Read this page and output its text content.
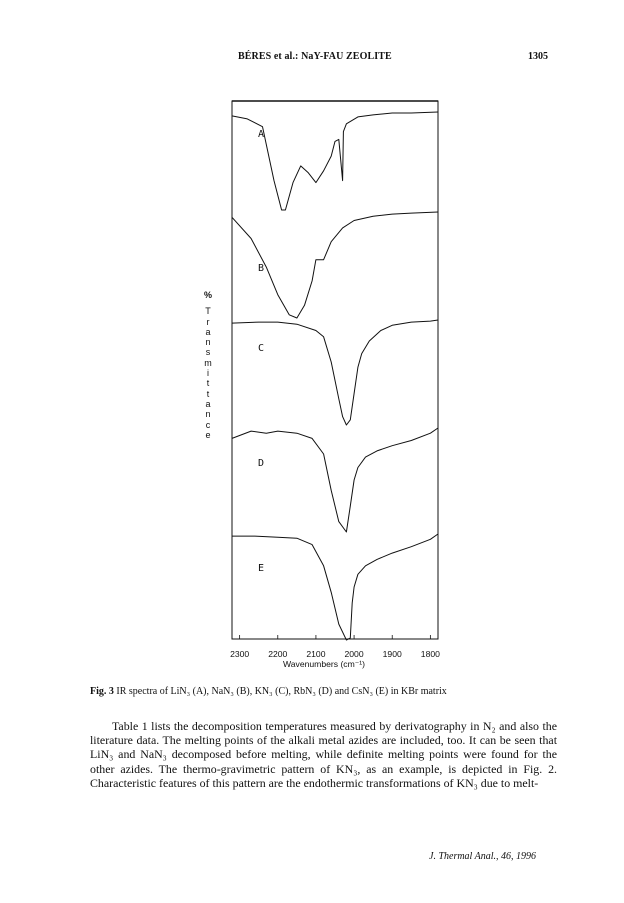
BÉRES et al.: NaY-FAU ZEOLITE	1305
2300 2200 2100 2000 1900 1800
A
B
C
D
E
Wavenumbers (cm⁻¹)
%
T
r
a
n
s
m
i
t
t
a
n
c
e
Fig. 3 IR spectra of LiN₃ (A), NaN₃ (B), KN₃ (C), RbN₃ (D) and CsN₃ (E) in KBr matrix

Table 1 lists the decomposition temperatures measured by derivatography in N₂ and also the literature data. The melting points of the alkali metal azides are included, too. It can be seen that LiN₃ and NaN₃ decomposed before melting, while definite melting points were found for the other azides. The thermo-gravimetric pattern of KN₃, as an example, is depicted in Fig. 2. Characteristic features of this pattern are the endothermic transformations of KN₃ due to melt-

J. Thermal Anal., 46, 1996
